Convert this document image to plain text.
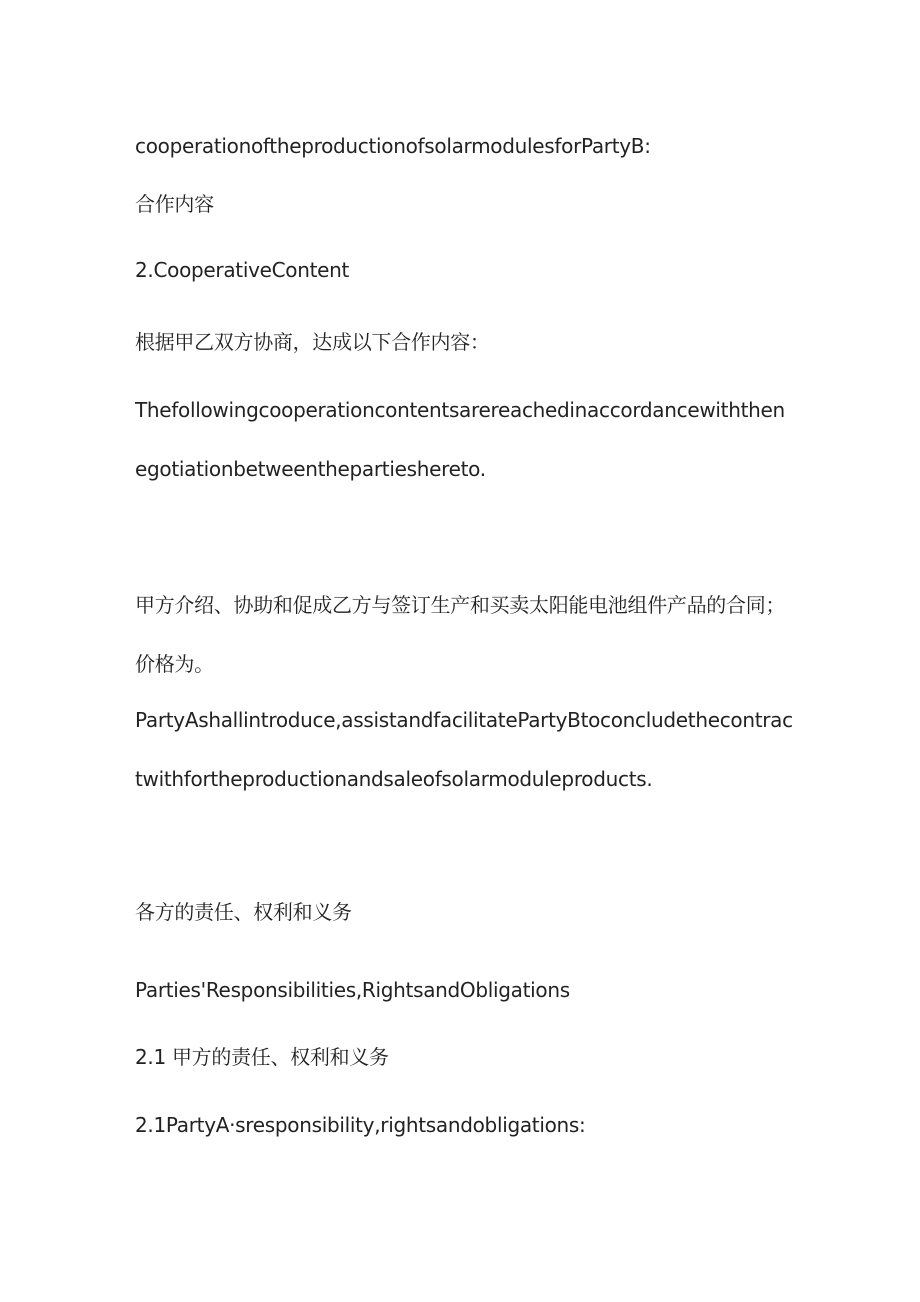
cooperationoftheproductionofsolarmodulesforPartyB:

合作内容

2.CooperativeContent

根据甲乙双方协商，达成以下合作内容：

Thefollowingcooperationcontentsarereachedinaccordancewiththenegotiationbetweenthepartieshereto.

甲方介绍、协助和促成乙方与签订生产和买卖太阳能电池组件产品的合同；价格为。

PartyAshallintroduce,assistandfacilitatePartyBtoconcludethecontractwithfortheproductionandsaleofsolarmoduleproducts.

各方的责任、权利和义务

Parties'Responsibilities,RightsandObligations

2.1 甲方的责任、权利和义务

2.1PartyA·sresponsibility,rightsandobligations:
